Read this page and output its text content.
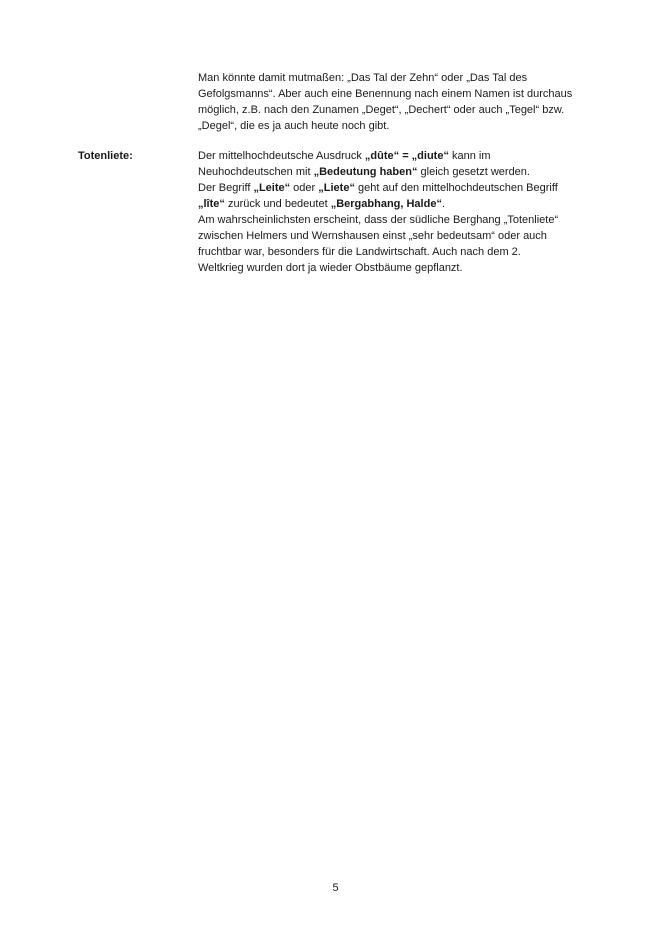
Man könnte damit mutmaßen: „Das Tal der Zehn“ oder „Das Tal des

Gefolgsmanns“. Aber auch eine Benennung nach einem Namen ist durchaus

möglich, z.B. nach den Zunamen „Deget“, „Dechert“ oder auch „Tegel“ bzw.

„Degel“, die es ja auch heute noch gibt.

Totenliete:	Der mittelhochdeutsche Ausdruck „dûte“ = „diute“ kann im

Neuhochdeutschen mit „Bedeutung haben“ gleich gesetzt werden.

Der Begriff „Leite“ oder „Liete“ geht auf den mittelhochdeutschen Begriff

„lîte“ zurück und bedeutet „Bergabhang, Halde“.

Am wahrscheinlichsten erscheint, dass der südliche Berghang „Totenliete“

zwischen Helmers und Wernshausen einst „sehr bedeutsam“ oder auch

fruchtbar war, besonders für die Landwirtschaft. Auch nach dem 2.

Weltkrieg wurden dort ja wieder Obstbäume gepflanzt.

5
